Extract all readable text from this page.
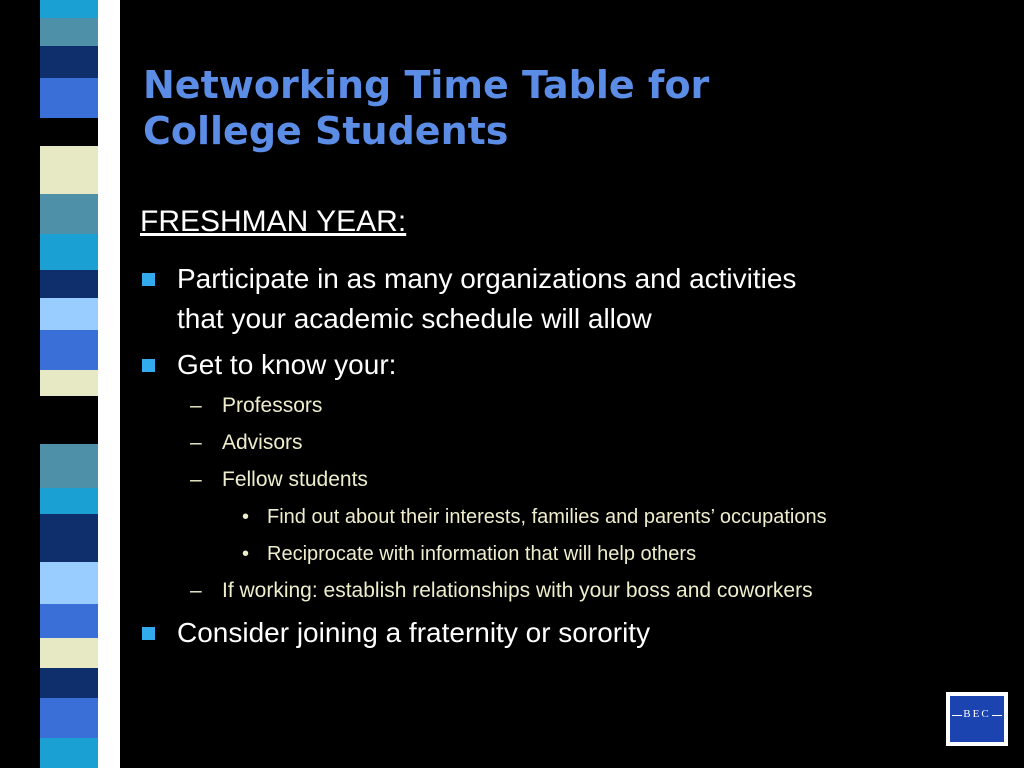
Networking Time Table for
College Students
FRESHMAN YEAR:
Participate in as many organizations and activities
that your academic schedule will allow
Get to know your:
– Professors
– Advisors
– Fellow students
• Find out about their interests, families and parents’ occupations
• Reciprocate with information that will help others
– If working: establish relationships with your boss and coworkers
Consider joining a fraternity or sorority
BEC
